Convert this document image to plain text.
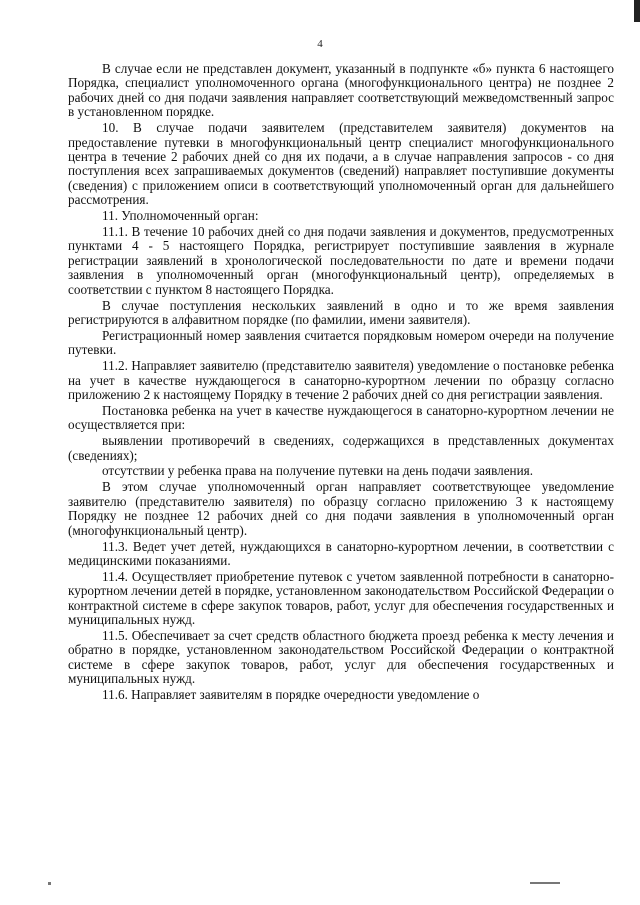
4

В случае если не представлен документ, указанный в подпункте «б» пункта 6 настоящего Порядка, специалист уполномоченного органа (многофункционального центра) не позднее 2 рабочих дней со дня подачи заявления направляет соответствующий межведомственный запрос в установленном порядке.

10. В случае подачи заявителем (представителем заявителя) документов на предоставление путевки в многофункциональный центр специалист многофункционального центра в течение 2 рабочих дней со дня их подачи, а в случае направления запросов - со дня поступления всех запрашиваемых документов (сведений) направляет поступившие документы (сведения) с приложением описи в соответствующий уполномоченный орган для дальнейшего рассмотрения.

11. Уполномоченный орган:

11.1. В течение 10 рабочих дней со дня подачи заявления и документов, предусмотренных пунктами 4 - 5 настоящего Порядка, регистрирует поступившие заявления в журнале регистрации заявлений в хронологической последовательности по дате и времени подачи заявления в уполномоченный орган (многофункциональный центр), определяемых в соответствии с пунктом 8 настоящего Порядка.

В случае поступления нескольких заявлений в одно и то же время заявления регистрируются в алфавитном порядке (по фамилии, имени заявителя).

Регистрационный номер заявления считается порядковым номером очереди на получение путевки.

11.2. Направляет заявителю (представителю заявителя) уведомление о постановке ребенка на учет в качестве нуждающегося в санаторно-курортном лечении по образцу согласно приложению 2 к настоящему Порядку в течение 2 рабочих дней со дня регистрации заявления.

Постановка ребенка на учет в качестве нуждающегося в санаторно-курортном лечении не осуществляется при:

выявлении противоречий в сведениях, содержащихся в представленных документах (сведениях);

отсутствии у ребенка права на получение путевки на день подачи заявления.

В этом случае уполномоченный орган направляет соответствующее уведомление заявителю (представителю заявителя) по образцу согласно приложению 3 к настоящему Порядку не позднее 12 рабочих дней со дня подачи заявления в уполномоченный орган (многофункциональный центр).

11.3. Ведет учет детей, нуждающихся в санаторно-курортном лечении, в соответствии с медицинскими показаниями.

11.4. Осуществляет приобретение путевок с учетом заявленной потребности в санаторно-курортном лечении детей в порядке, установленном законодательством Российской Федерации о контрактной системе в сфере закупок товаров, работ, услуг для обеспечения государственных и муниципальных нужд.

11.5. Обеспечивает за счет средств областного бюджета проезд ребенка к месту лечения и обратно в порядке, установленном законодательством Российской Федерации о контрактной системе в сфере закупок товаров, работ, услуг для обеспечения государственных и муниципальных нужд.

11.6. Направляет заявителям в порядке очередности уведомление о
